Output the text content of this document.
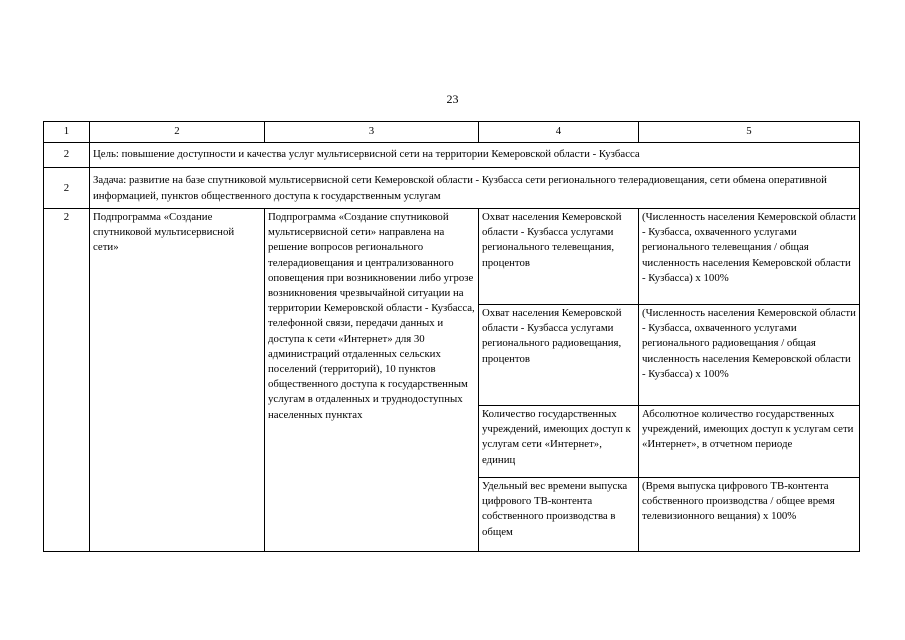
23
1	2	3	4	5
2	Цель: повышение доступности и качества услуг мультисервисной сети на территории Кемеровской области - Кузбасса			
2	Задача: развитие на базе спутниковой мультисервисной сети Кемеровской области - Кузбасса сети регионального телерадиовещания, сети обмена оперативной информацией, пунктов общественного доступа к государственным услугам			
2	Подпрограмма «Создание спутниковой мультисервисной сети»	Подпрограмма «Создание спутниковой мультисервисной сети» направлена на решение вопросов регионального телерадиовещания и централизованного оповещения при возникновении либо угрозе возникновения чрезвычайной ситуации на территории Кемеровской области - Кузбасса, телефонной связи, передачи данных и доступа к сети «Интернет» для 30 администраций отдаленных сельских поселений (территорий), 10 пунктов общественного доступа к государственным услугам в отдаленных и труднодоступных населенных пунктах	Охват населения Кемеровской области - Кузбасса услугами регионального телевещания, процентов	(Численность населения Кемеровской области - Кузбасса, охваченного услугами регионального телевещания / общая численность населения Кемеровской области - Кузбасса) x 100%
			Охват населения Кемеровской области - Кузбасса услугами регионального радиовещания, процентов	(Численность населения Кемеровской области - Кузбасса, охваченного услугами регионального радиовещания / общая численность населения Кемеровской области - Кузбасса) x 100%
			Количество государственных учреждений, имеющих доступ к услугам сети «Интернет», единиц	Абсолютное количество государственных учреждений, имеющих доступ к услугам сети «Интернет», в отчетном периоде
			Удельный вес времени выпуска цифрового ТВ-контента собственного производства в общем	(Время выпуска цифрового ТВ-контента собственного производства / общее время телевизионного вещания) x 100%
